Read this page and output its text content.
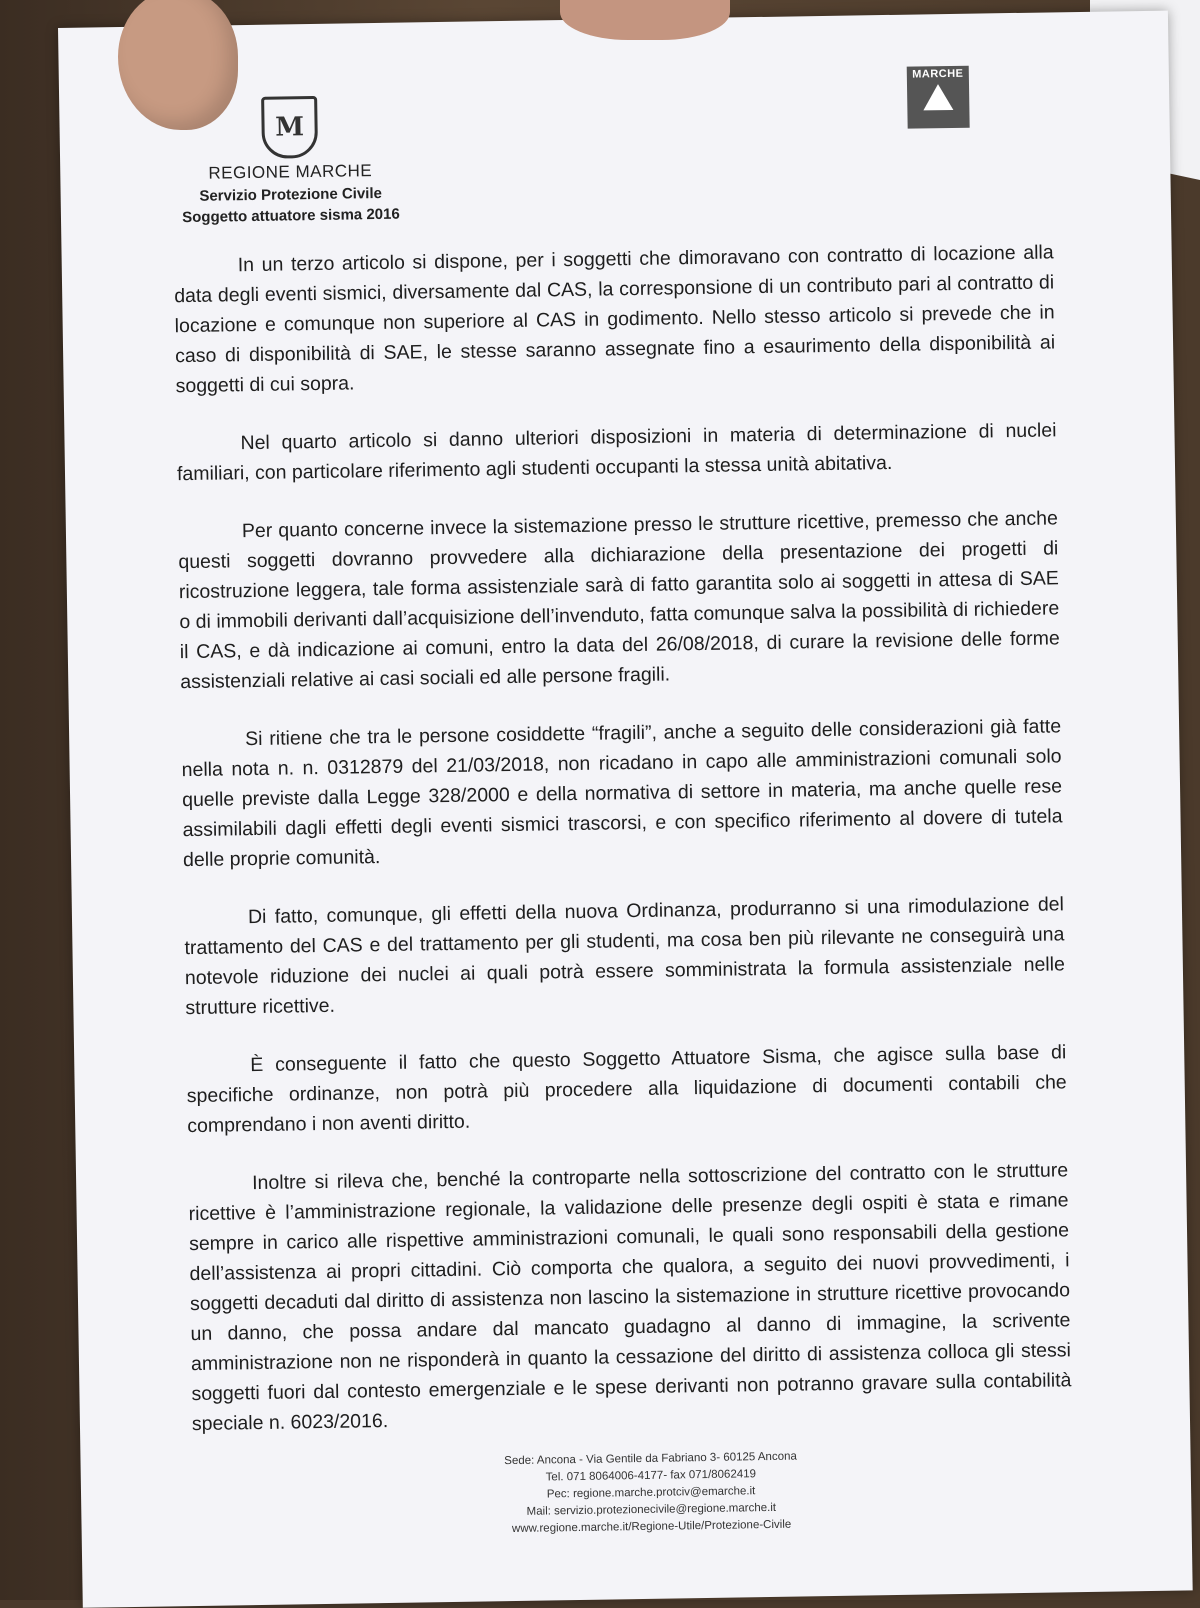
M
MARCHE
REGIONE MARCHE
Servizio Protezione Civile
Soggetto attuatore sisma 2016

In un terzo articolo si dispone, per i soggetti che dimoravano con contratto di locazione alla data degli eventi sismici, diversamente dal CAS, la corresponsione di un contributo pari al contratto di locazione e comunque non superiore al CAS in godimento. Nello stesso articolo si prevede che in caso di disponibilità di SAE, le stesse saranno assegnate fino a esaurimento della disponibilità ai soggetti di cui sopra.

Nel quarto articolo si danno ulteriori disposizioni in materia di determinazione di nuclei familiari, con particolare riferimento agli studenti occupanti la stessa unità abitativa.

Per quanto concerne invece la sistemazione presso le strutture ricettive, premesso che anche questi soggetti dovranno provvedere alla dichiarazione della presentazione dei progetti di ricostruzione leggera, tale forma assistenziale sarà di fatto garantita solo ai soggetti in attesa di SAE o di immobili derivanti dall’acquisizione dell’invenduto, fatta comunque salva la possibilità di richiedere il CAS, e dà indicazione ai comuni, entro la data del 26/08/2018, di curare la revisione delle forme assistenziali relative ai casi sociali ed alle persone fragili.

Si ritiene che tra le persone cosiddette “fragili”, anche a seguito delle considerazioni già fatte nella nota n. n. 0312879 del 21/03/2018, non ricadano in capo alle amministrazioni comunali solo quelle previste dalla Legge 328/2000 e della normativa di settore in materia, ma anche quelle rese assimilabili dagli effetti degli eventi sismici trascorsi, e con specifico riferimento al dovere di tutela delle proprie comunità.

Di fatto, comunque, gli effetti della nuova Ordinanza, produrranno si una rimodulazione del trattamento del CAS e del trattamento per gli studenti, ma cosa ben più rilevante ne conseguirà una notevole riduzione dei nuclei ai quali potrà essere somministrata la formula assistenziale nelle strutture ricettive.

È conseguente il fatto che questo Soggetto Attuatore Sisma, che agisce sulla base di specifiche ordinanze, non potrà più procedere alla liquidazione di documenti contabili che comprendano i non aventi diritto.

Inoltre si rileva che, benché la controparte nella sottoscrizione del contratto con le strutture ricettive è l’amministrazione regionale, la validazione delle presenze degli ospiti è stata e rimane sempre in carico alle rispettive amministrazioni comunali, le quali sono responsabili della gestione dell’assistenza ai propri cittadini. Ciò comporta che qualora, a seguito dei nuovi provvedimenti, i soggetti decaduti dal diritto di assistenza non lascino la sistemazione in strutture ricettive provocando un danno, che possa andare dal mancato guadagno al danno di immagine, la scrivente amministrazione non ne risponderà in quanto la cessazione del diritto di assistenza colloca gli stessi soggetti fuori dal contesto emergenziale e le spese derivanti non potranno gravare sulla contabilità speciale n. 6023/2016.

Sede: Ancona - Via Gentile da Fabriano 3- 60125 Ancona
Tel. 071 8064006-4177- fax 071/8062419
Pec: regione.marche.protciv@emarche.it
Mail: servizio.protezionecivile@regione.marche.it
www.regione.marche.it/Regione-Utile/Protezione-Civile
